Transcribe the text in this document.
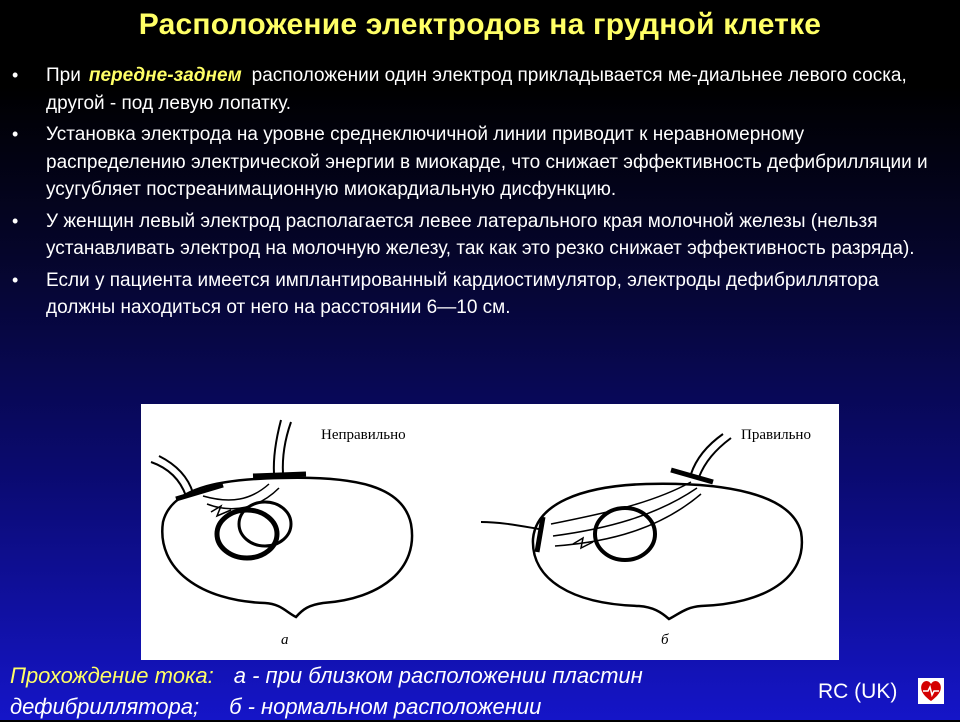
Расположение электродов на грудной клетке
• При передне-заднем расположении один электрод прикладывается ме-диальнее левого соска, другой - под левую лопатку.
• Установка электрода на уровне среднеключичной линии приводит к неравномерному распределению электрической энергии в миокарде, что снижает эффективность дефибрилляции и усугубляет постреанимационную миокардиальную дисфункцию.
• У женщин левый электрод располагается левее латерального края молочной железы (нельзя устанавливать электрод на молочную железу, так как это резко снижает эффективность разряда).
• Если у пациента имеется имплантированный кардиостимулятор, электроды дефибриллятора должны находиться от него на расстоянии 6—10 см.
Неправильно
а
Правильно
б
Прохождение тока: а - при близком расположении пластин
дефибриллятора; б - нормальном расположении
RC (UK)
